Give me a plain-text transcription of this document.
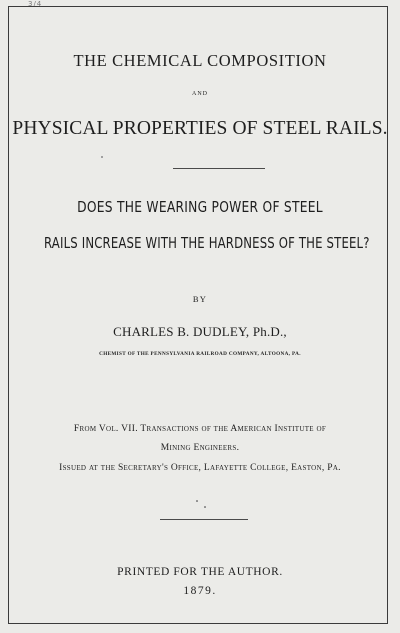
3/4
THE CHEMICAL COMPOSITION
AND
PHYSICAL PROPERTIES OF STEEL RAILS.
DOES THE WEARING POWER OF STEEL
RAILS INCREASE WITH THE HARDNESS OF THE STEEL?
BY
CHARLES B. DUDLEY, Ph.D.,
CHEMIST OF THE PENNSYLVANIA RAILROAD COMPANY, ALTOONA, PA.
From Vol. VII. Transactions of the American Institute of
Mining Engineers.
Issued at the Secretary's Office, Lafayette College, Easton, Pa.
PRINTED FOR THE AUTHOR.
1879.
